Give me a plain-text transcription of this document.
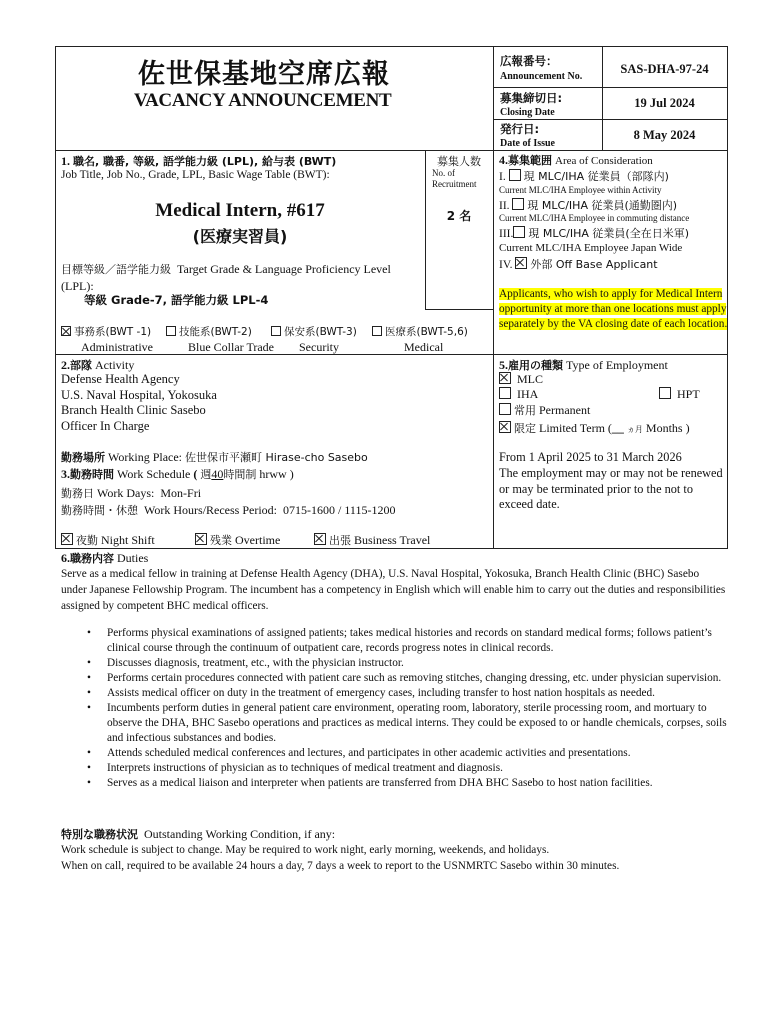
佐世保基地空席広報
VACANCY ANNOUNCEMENT
広報番号：
Announcement No.
SAS-DHA-97-24
募集締切日:
Closing Date
19 Jul 2024
発行日:
Date of Issue
8 May 2024
1. 職名, 職番, 等級, 語学能力級 (LPL), 給与表 (BWT)
Job Title, Job No., Grade, LPL, Basic Wage Table (BWT):
Medical Intern, #617
(医療実習員)
目標等級／語学能力級 Target Grade & Language Proficiency Level (LPL):
等級 Grade-7, 語学能力級 LPL-4
事務系(BWT -1)	技能系(BWT-2)	保安系(BWT-3)	医療系(BWT-5,6)
Administrative	Blue Collar Trade Security	Medical
募集人数
No. of
Recruitment
2 名
4.募集範囲 Area of Consideration
I. 現 MLC/IHA 従業員（部隊内)
Current MLC/IHA Employee within Activity
II. 現 MLC/IHA 従業員(通勤圏内)
Current MLC/IHA Employee in commuting distance
III. 現 MLC/IHA 従業員(全在日米軍)
Current MLC/IHA Employee Japan Wide
IV. 外部 Off Base Applicant
Applicants, who wish to apply for Medical Intern opportunity at more than one locations must apply separately by the VA closing date of each location.
2.部隊 Activity
Defense Health Agency
U.S. Naval Hospital, Yokosuka
Branch Health Clinic Sasebo
Officer In Charge
5.雇用の種類 Type of Employment
MLC
IHA	HPT
常用 Permanent
限定 Limited Term (__ ヵ月 Months )
From 1 April 2025 to 31 March 2026
The employment may or may not be renewed or may be terminated prior to the not to exceed date.
勤務場所 Working Place: 佐世保市平瀬町 Hirase-cho Sasebo
3.勤務時間 Work Schedule ( 週40時間制 hrww )
勤務日 Work Days: Mon-Fri
勤務時間・休憩 Work Hours/Recess Period: 0715-1600 / 1115-1200
夜勤 Night Shift	残業 Overtime	出張 Business Travel
6.職務内容 Duties
Serve as a medical fellow in training at Defense Health Agency (DHA), U.S. Naval Hospital, Yokosuka, Branch Health Clinic (BHC) Sasebo under Japanese Fellowship Program. The incumbent has a competency in English which will enable him to carry out the duties and responsibilities assigned by competent BHC medical officers.
• Performs physical examinations of assigned patients; takes medical histories and records on standard medical forms; follows patient’s clinical course through the continuum of outpatient care, records progress notes in clinical records.
• Discusses diagnosis, treatment, etc., with the physician instructor.
• Performs certain procedures connected with patient care such as removing stitches, changing dressing, etc. under physician supervision.
• Assists medical officer on duty in the treatment of emergency cases, including transfer to host nation hospitals as needed.
• Incumbents perform duties in general patient care environment, operating room, laboratory, sterile processing room, and mortuary to observe the DHA, BHC Sasebo operations and practices as medical interns. They could be exposed to or handle chemicals, corpses, soils and infectious substances and bodies.
• Attends scheduled medical conferences and lectures, and participates in other academic activities and presentations.
• Interprets instructions of physician as to techniques of medical treatment and diagnosis.
• Serves as a medical liaison and interpreter when patients are transferred from DHA BHC Sasebo to host nation facilities.
特別な職務状況 Outstanding Working Condition, if any:
Work schedule is subject to change. May be required to work night, early morning, weekends, and holidays.
When on call, required to be available 24 hours a day, 7 days a week to report to the USNMRTC Sasebo within 30 minutes.
